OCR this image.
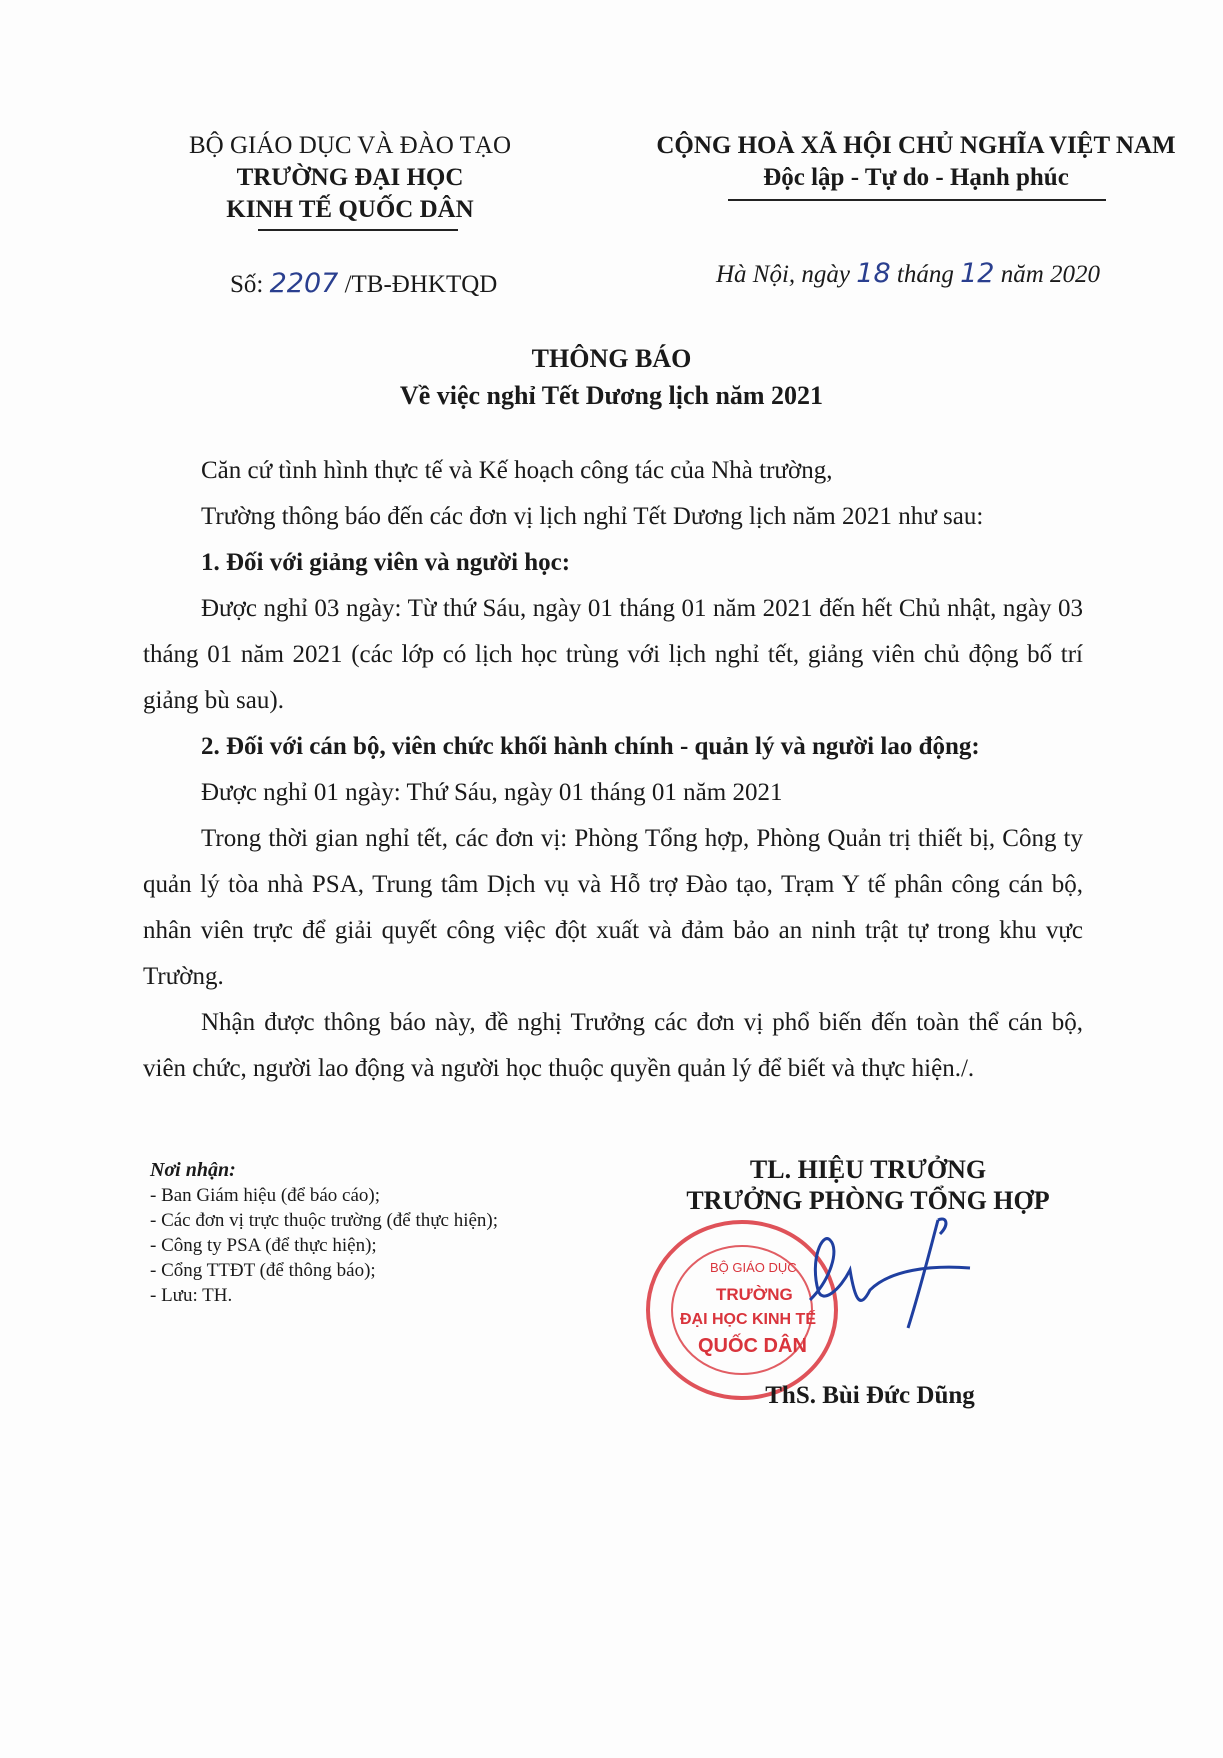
BỘ GIÁO DỤC VÀ ĐÀO TẠO
TRƯỜNG ĐẠI HỌC
KINH TẾ QUỐC DÂN
CỘNG HOÀ XÃ HỘI CHỦ NGHĨA VIỆT NAM
Độc lập - Tự do - Hạnh phúc
Số: 2207 /TB-ĐHKTQD	Hà Nội, ngày 18 tháng 12 năm 2020
THÔNG BÁO
Về việc nghỉ Tết Dương lịch năm 2021
Căn cứ tình hình thực tế và Kế hoạch công tác của Nhà trường,
Trường thông báo đến các đơn vị lịch nghỉ Tết Dương lịch năm 2021 như sau:
1. Đối với giảng viên và người học:
Được nghỉ 03 ngày: Từ thứ Sáu, ngày 01 tháng 01 năm 2021 đến hết Chủ nhật, ngày 03 tháng 01 năm 2021 (các lớp có lịch học trùng với lịch nghỉ tết, giảng viên chủ động bố trí giảng bù sau).
2. Đối với cán bộ, viên chức khối hành chính - quản lý và người lao động:
Được nghỉ 01 ngày: Thứ Sáu, ngày 01 tháng 01 năm 2021
Trong thời gian nghỉ tết, các đơn vị: Phòng Tổng hợp, Phòng Quản trị thiết bị, Công ty quản lý tòa nhà PSA, Trung tâm Dịch vụ và Hỗ trợ Đào tạo, Trạm Y tế phân công cán bộ, nhân viên trực để giải quyết công việc đột xuất và đảm bảo an ninh trật tự trong khu vực Trường.
Nhận được thông báo này, đề nghị Trưởng các đơn vị phổ biến đến toàn thể cán bộ, viên chức, người lao động và người học thuộc quyền quản lý để biết và thực hiện./.
Nơi nhận:
- Ban Giám hiệu (để báo cáo);
- Các đơn vị trực thuộc trường (để thực hiện);
- Công ty PSA (để thực hiện);
- Cổng TTĐT (để thông báo);
- Lưu: TH.
TL. HIỆU TRƯỞNG
TRƯỞNG PHÒNG TỔNG HỢP
BỘ GIÁO DỤC
TRƯỜNG
ĐẠI HỌC KINH TẾ
QUỐC DÂN
ThS. Bùi Đức Dũng
